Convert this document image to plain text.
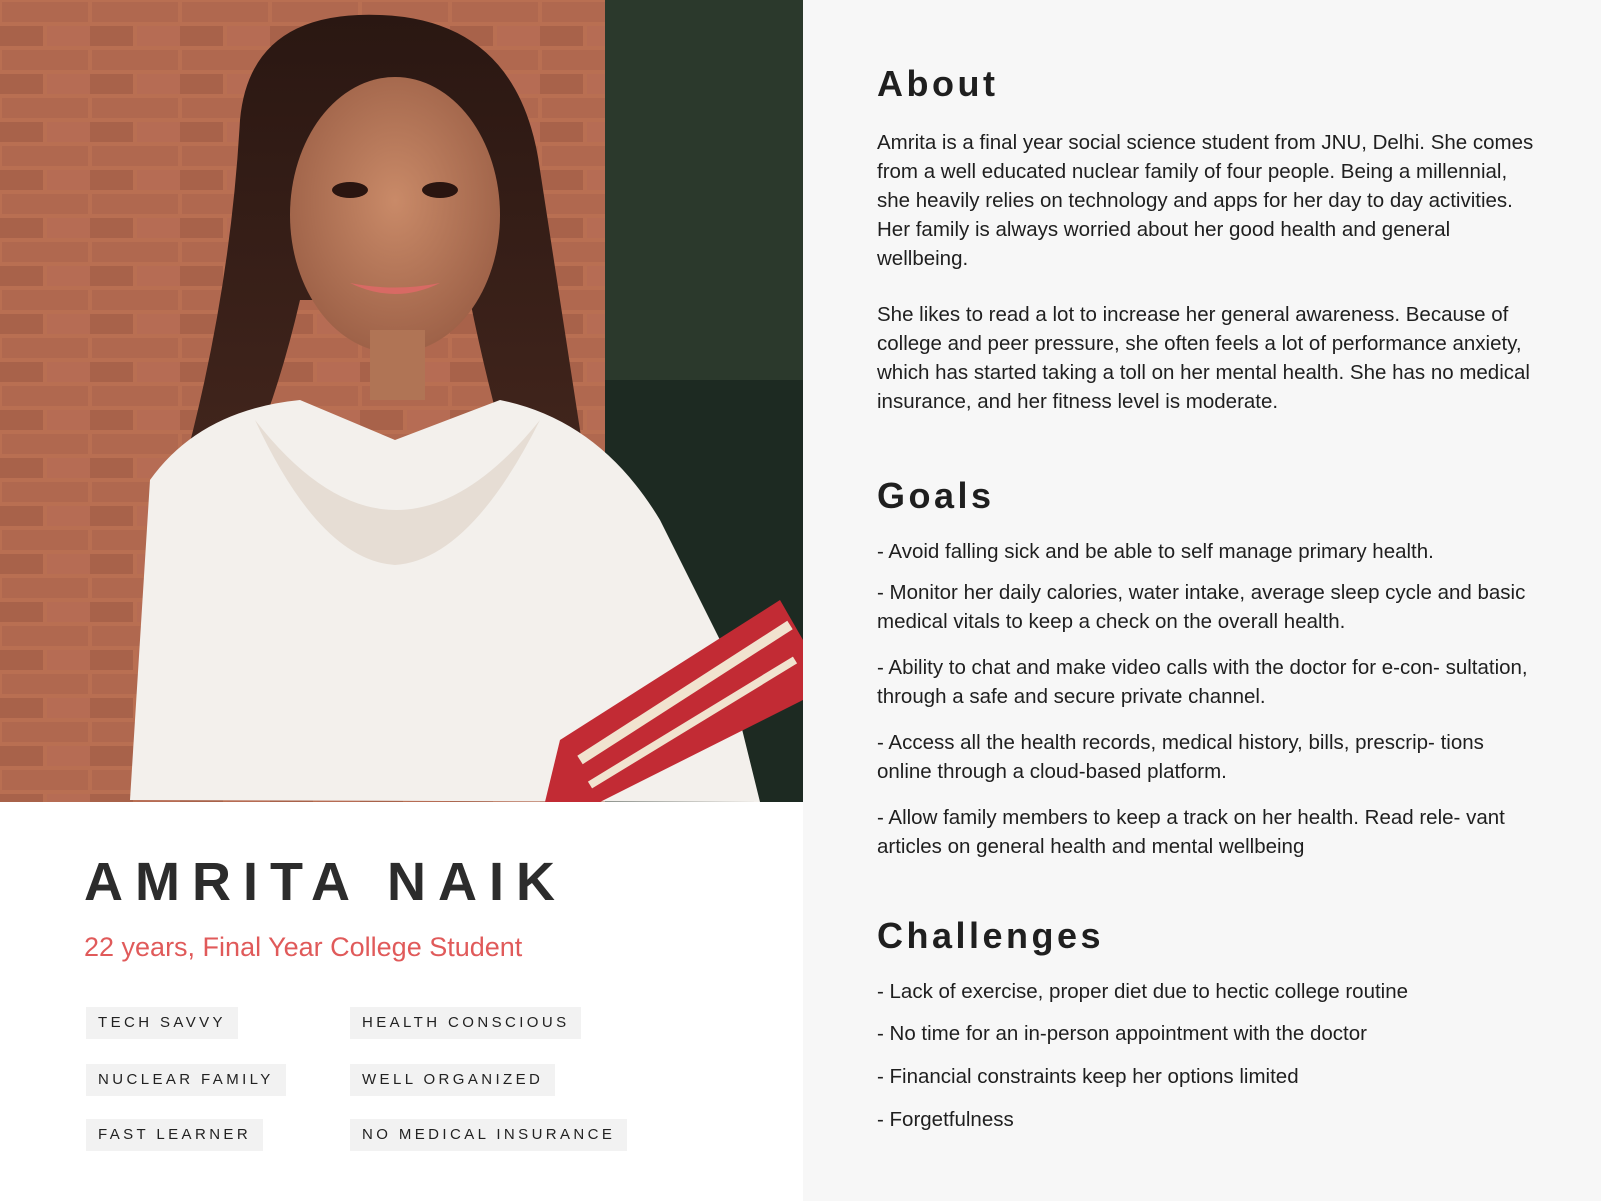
AMRITA NAIK
22 years, Final Year College Student
TECH SAVVY	HEALTH CONSCIOUS
NUCLEAR FAMILY	WELL ORGANIZED
FAST LEARNER	NO MEDICAL INSURANCE
About
Amrita is a final year social science student from JNU, Delhi. She comes from a well educated nuclear family of four people. Being a millennial, she heavily relies on technology and apps for her day to day activities. Her family is always worried about her good health and general wellbeing.
She likes to read a lot to increase her general awareness. Because of college and peer pressure, she often feels a lot of performance anxiety, which has started taking a toll on her mental health. She has no medical insurance, and her fitness level is moderate.
Goals
- Avoid falling sick and be able to self manage primary health.
- Monitor her daily calories, water intake, average sleep cycle and basic medical vitals to keep a check on the overall health.
- Ability to chat and make video calls with the doctor for e-con- sultation, through a safe and secure private channel.
- Access all the health records, medical history, bills, prescrip- tions online through a cloud-based platform.
- Allow family members to keep a track on her health. Read rele- vant articles on general health and mental wellbeing
Challenges
- Lack of exercise, proper diet due to hectic college routine
- No time for an in-person appointment with the doctor
- Financial constraints keep her options limited
- Forgetfulness
